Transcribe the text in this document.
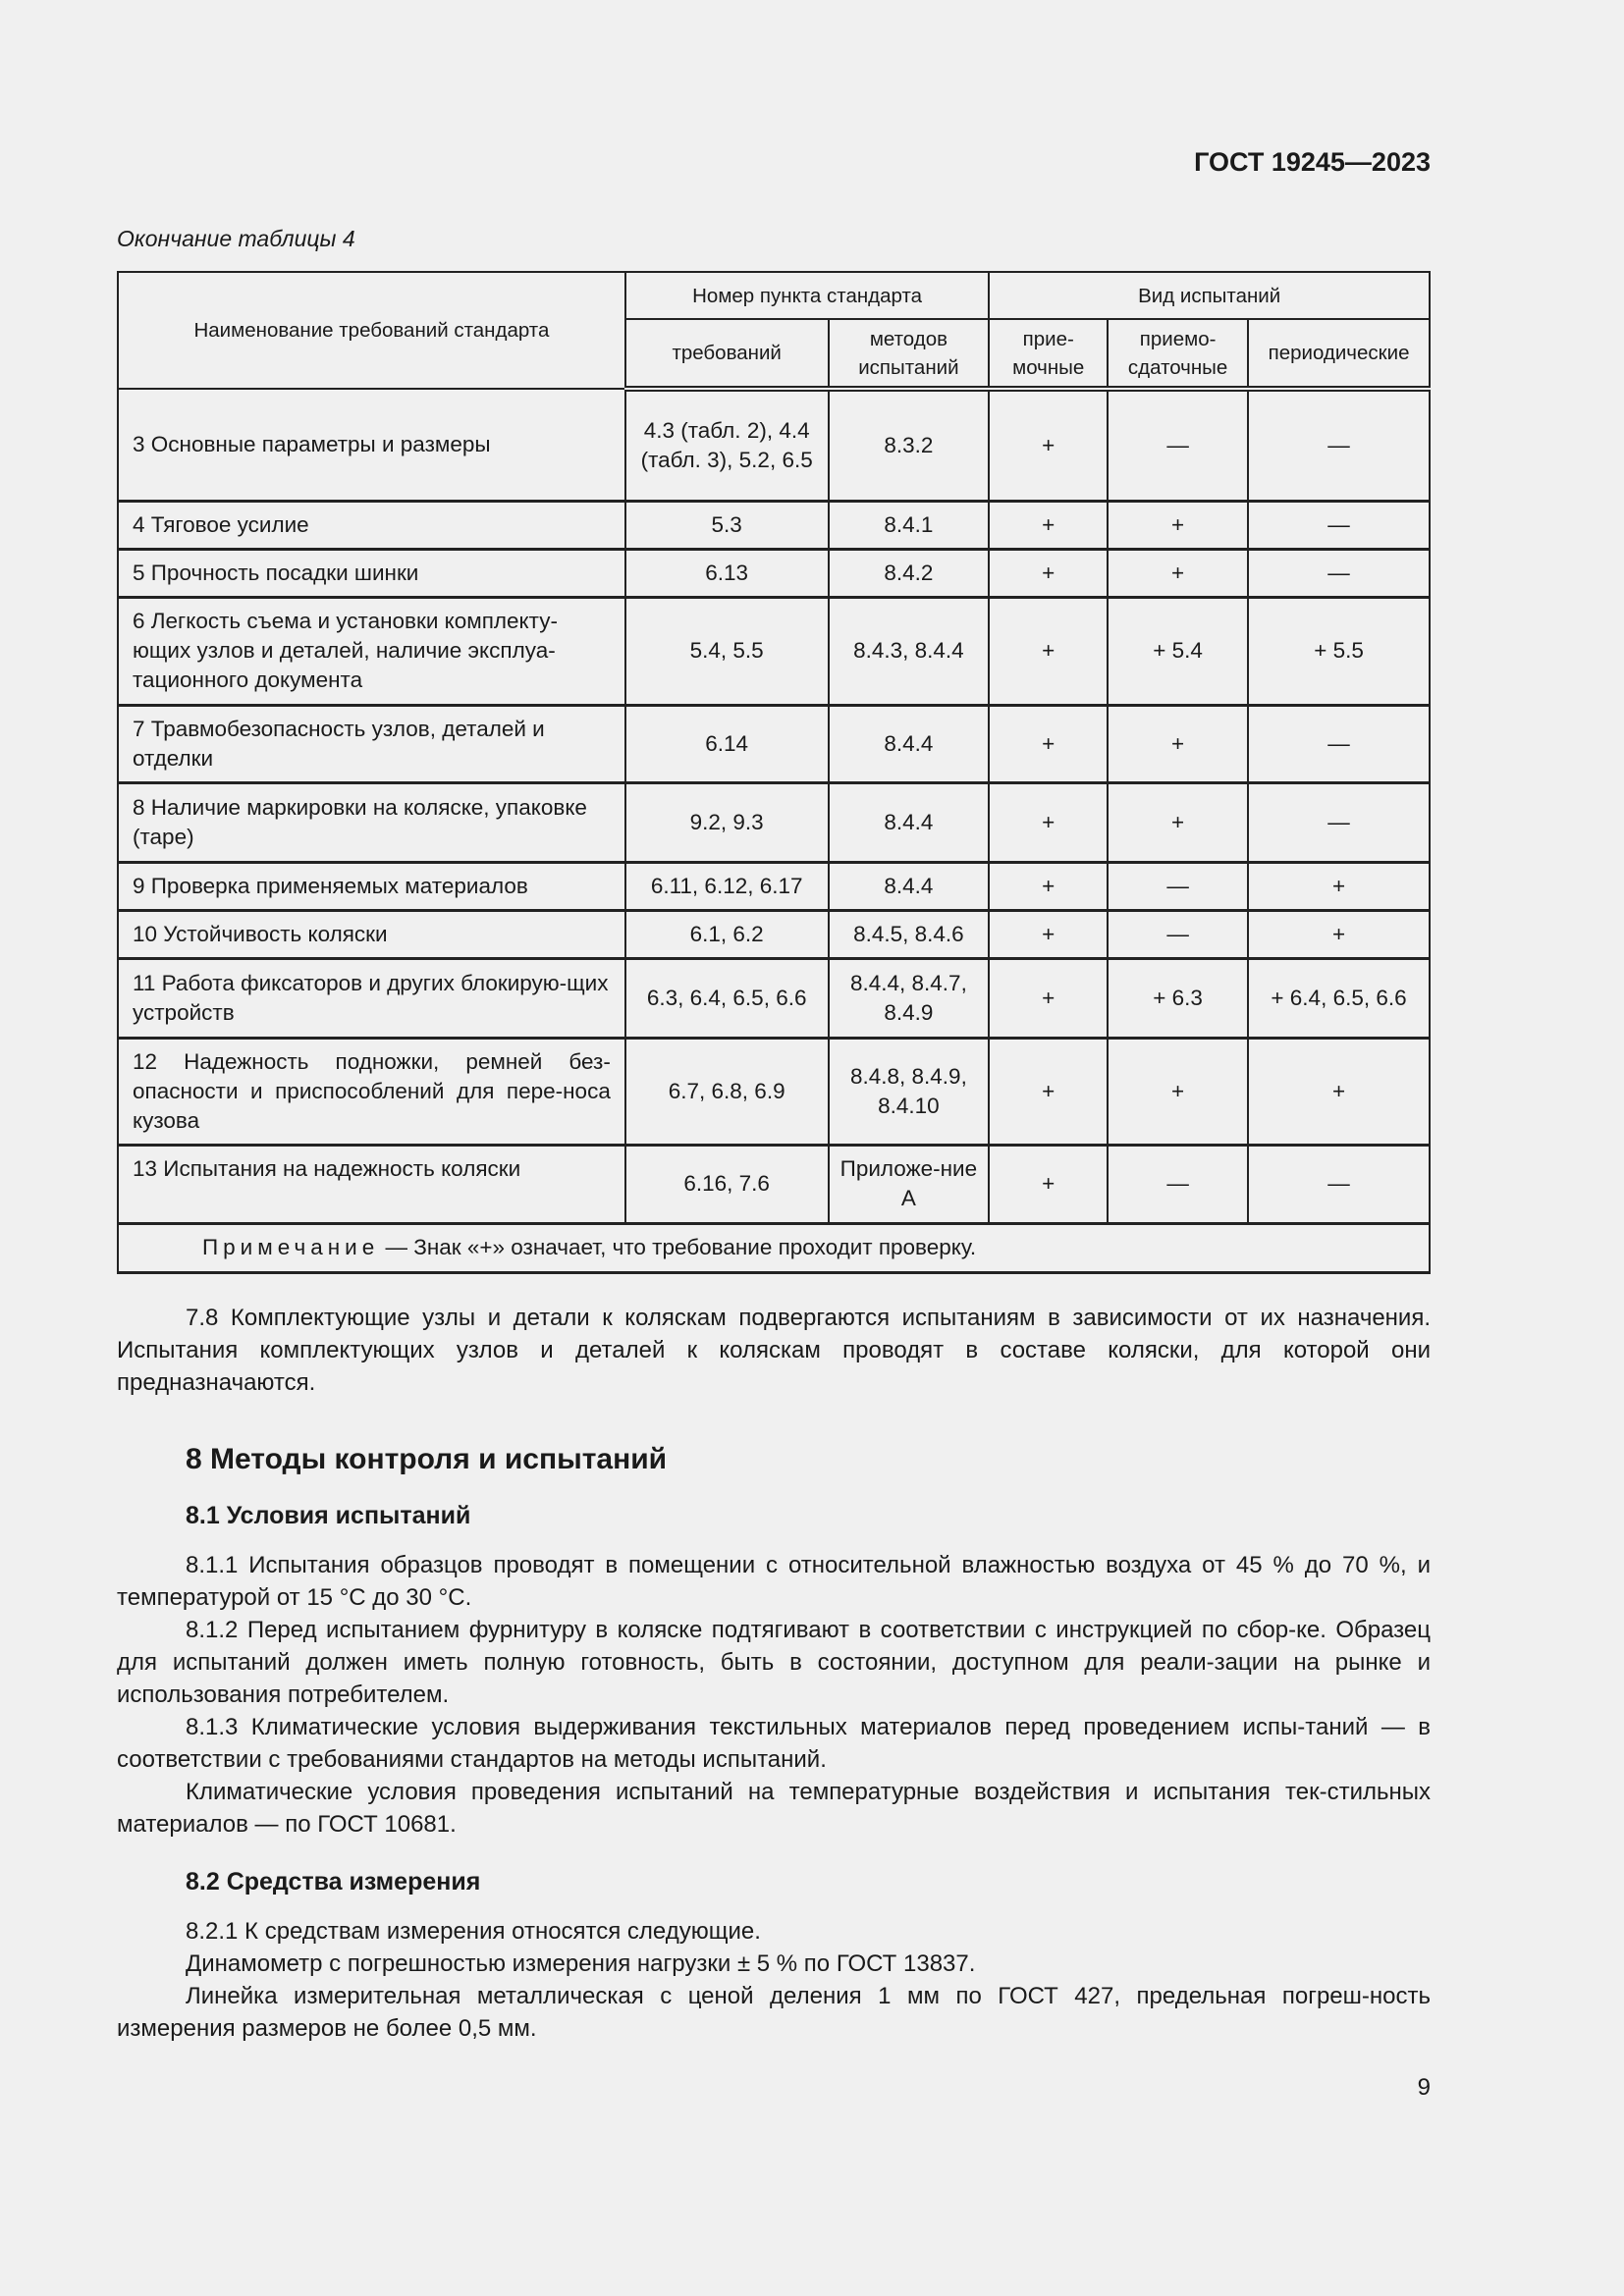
ГОСТ 19245—2023
Окончание таблицы 4
Наименование требований стандарта	Номер пункта стандарта		Вид испытаний		
	требований	методов испытаний	прие-мочные	приемо-сдаточные	периодические
3 Основные параметры и размеры	4.3 (табл. 2), 4.4 (табл. 3), 5.2, 6.5	8.3.2	+	—	—
4 Тяговое усилие	5.3	8.4.1	+	+	—
5 Прочность посадки шинки	6.13	8.4.2	+	+	—
6 Легкость съема и установки комплекту-ющих узлов и деталей, наличие эксплуа-тационного документа	5.4, 5.5	8.4.3, 8.4.4	+	+ 5.4	+ 5.5
7 Травмобезопасность узлов, деталей и отделки	6.14	8.4.4	+	+	—
8 Наличие маркировки на коляске, упаковке (таре)	9.2, 9.3	8.4.4	+	+	—
9 Проверка применяемых материалов	6.11, 6.12, 6.17	8.4.4	+	—	+
10 Устойчивость коляски	6.1, 6.2	8.4.5, 8.4.6	+	—	+
11 Работа фиксаторов и других блокирую-щих устройств	6.3, 6.4, 6.5, 6.6	8.4.4, 8.4.7, 8.4.9	+	+ 6.3	+ 6.4, 6.5, 6.6
12 Надежность подножки, ремней без-опасности и приспособлений для пере-носа кузова	6.7, 6.8, 6.9	8.4.8, 8.4.9, 8.4.10	+	+	+
13 Испытания на надежность коляски	6.16, 7.6	Приложе-ние А	+	—	—
Примечание — Знак «+» означает, что требование проходит проверку.					

7.8 Комплектующие узлы и детали к коляскам подвергаются испытаниям в зависимости от их назначения. Испытания комплектующих узлов и деталей к коляскам проводят в составе коляски, для которой они предназначаются.

8 Методы контроля и испытаний
8.1 Условия испытаний

8.1.1 Испытания образцов проводят в помещении с относительной влажностью воздуха от 45 % до 70 %, и температурой от 15 °С до 30 °С.

8.1.2 Перед испытанием фурнитуру в коляске подтягивают в соответствии с инструкцией по сбор-ке. Образец для испытаний должен иметь полную готовность, быть в состоянии, доступном для реали-зации на рынке и использования потребителем.

8.1.3 Климатические условия выдерживания текстильных материалов перед проведением испы-таний — в соответствии с требованиями стандартов на методы испытаний.

Климатические условия проведения испытаний на температурные воздействия и испытания тек-стильных материалов — по ГОСТ 10681.

8.2 Средства измерения

8.2.1 К средствам измерения относятся следующие.

Динамометр с погрешностью измерения нагрузки ± 5 % по ГОСТ 13837.

Линейка измерительная металлическая с ценой деления 1 мм по ГОСТ 427, предельная погреш-ность измерения размеров не более 0,5 мм.

9
